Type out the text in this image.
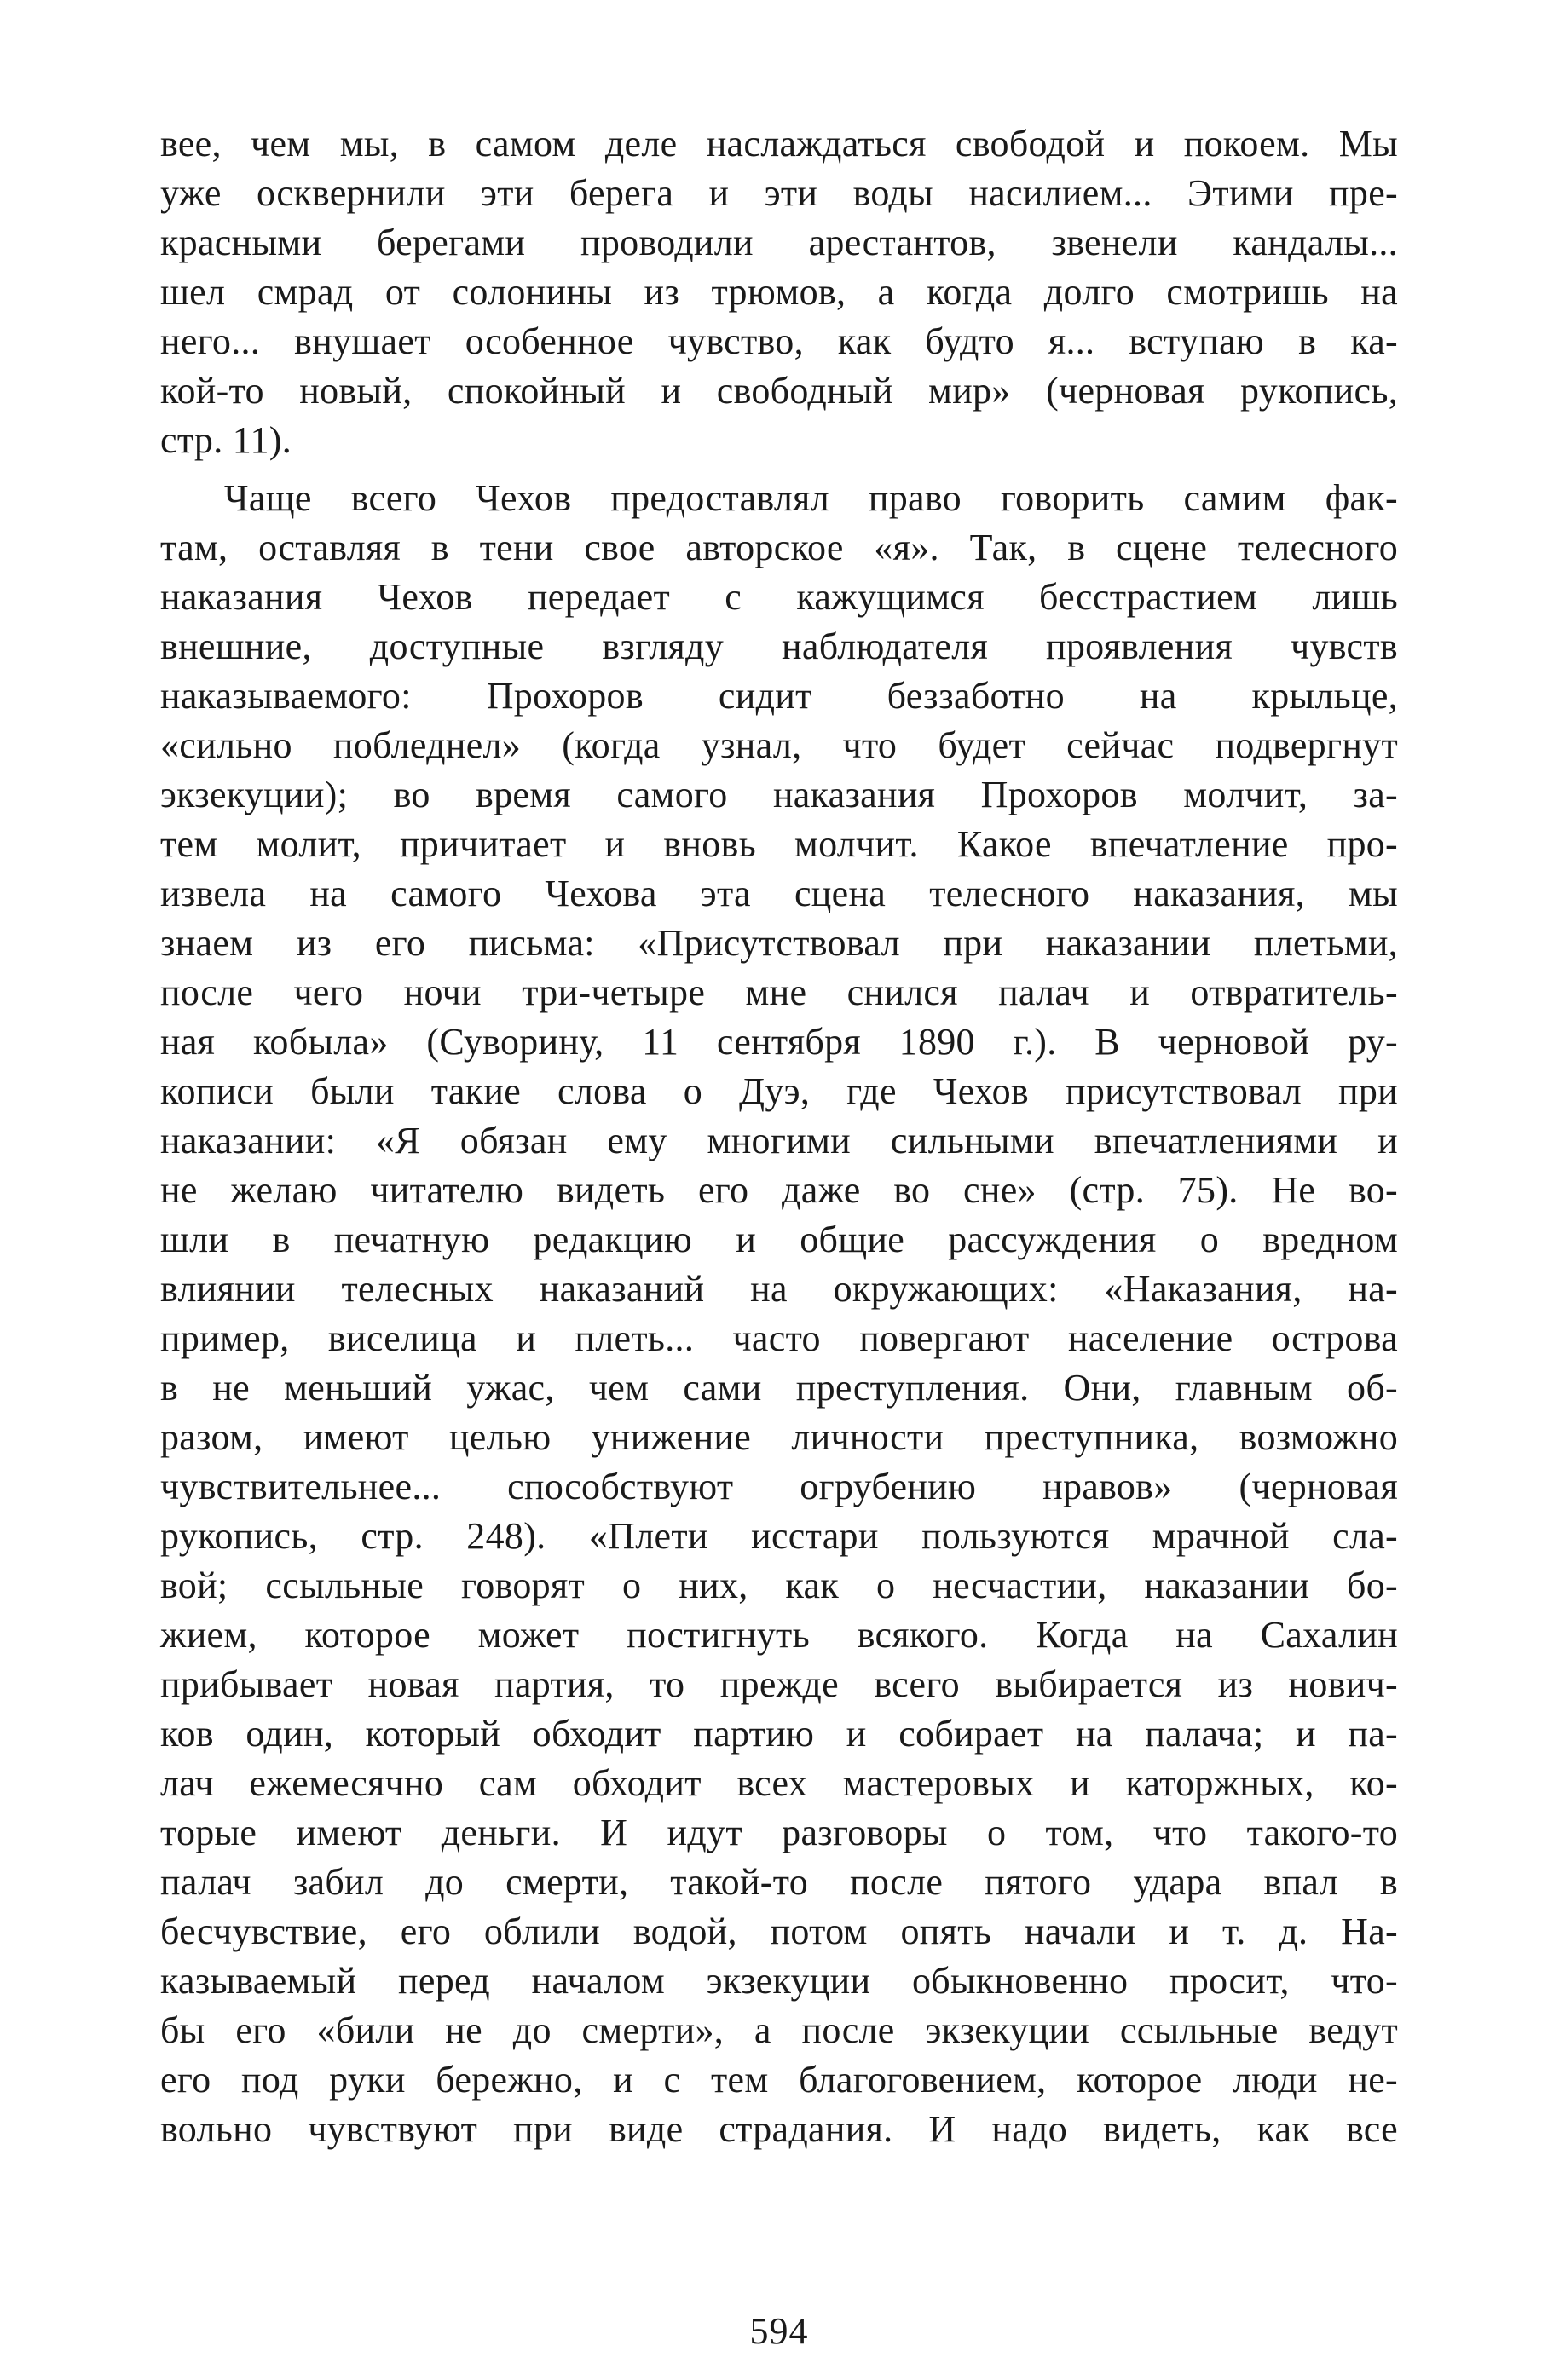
вее, чем мы, в самом деле наслаждаться свободой и покоем. Мы
уже осквернили эти берега и эти воды насилием... Этими пре-
красными берегами проводили арестантов, звенели кандалы...
шел смрад от солонины из трюмов, а когда долго смотришь на
него... внушает особенное чувство, как будто я... вступаю в ка-
кой-то новый, спокойный и свободный мир» (черновая рукопись,
стр. 11).
Чаще всего Чехов предоставлял право говорить самим фак-
там, оставляя в тени свое авторское «я». Так, в сцене телесного
наказания Чехов передает с кажущимся бесстрастием лишь
внешние, доступные взгляду наблюдателя проявления чувств
наказываемого: Прохоров сидит беззаботно на крыльце,
«сильно побледнел» (когда узнал, что будет сейчас подвергнут
экзекуции); во время самого наказания Прохоров молчит, за-
тем молит, причитает и вновь молчит. Какое впечатление про-
извела на самого Чехова эта сцена телесного наказания, мы
знаем из его письма: «Присутствовал при наказании плетьми,
после чего ночи три-четыре мне снился палач и отвратитель-
ная кобыла» (Суворину, 11 сентября 1890 г.). В черновой ру-
кописи были такие слова о Дуэ, где Чехов присутствовал при
наказании: «Я обязан ему многими сильными впечатлениями и
не желаю читателю видеть его даже во сне» (стр. 75). Не во-
шли в печатную редакцию и общие рассуждения о вредном
влиянии телесных наказаний на окружающих: «Наказания, на-
пример, виселица и плеть... часто повергают население острова
в не меньший ужас, чем сами преступления. Они, главным об-
разом, имеют целью унижение личности преступника, возможно
чувствительнее... способствуют огрубению нравов» (черновая
рукопись, стр. 248). «Плети исстари пользуются мрачной сла-
вой; ссыльные говорят о них, как о несчастии, наказании бо-
жием, которое может постигнуть всякого. Когда на Сахалин
прибывает новая партия, то прежде всего выбирается из нович-
ков один, который обходит партию и собирает на палача; и па-
лач ежемесячно сам обходит всех мастеровых и каторжных, ко-
торые имеют деньги. И идут разговоры о том, что такого-то
палач забил до смерти, такой-то после пятого удара впал в
бесчувствие, его облили водой, потом опять начали и т. д. На-
казываемый перед началом экзекуции обыкновенно просит, что-
бы его «били не до смерти», а после экзекуции ссыльные ведут
его под руки бережно, и с тем благоговением, которое люди не-
вольно чувствуют при виде страдания. И надо видеть, как все
594
